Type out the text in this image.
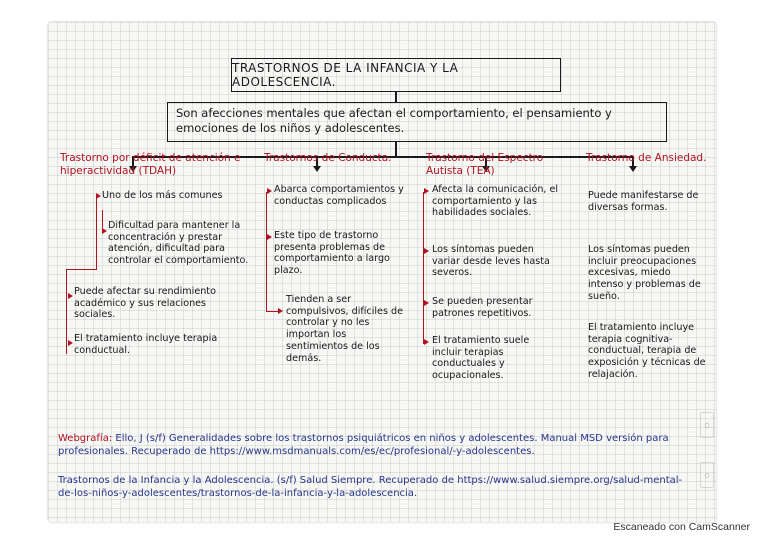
TRASTORNOS DE LA INFANCIA Y LA ADOLESCENCIA.
Son afecciones mentales que afectan el comportamiento, el pensamiento y emociones de los niños y adolescentes.
Trastorno por déficit de atención e hiperactividad (TDAH)
Uno de los más comunes
Dificultad para mantener la concentración y prestar atención, dificultad para controlar el comportamiento.
Puede afectar su rendimiento académico y sus relaciones sociales.
El tratamiento incluye terapia conductual.
Trastornos de Conducta.
Abarca comportamientos y conductas complicados
Este tipo de trastorno presenta problemas de comportamiento a largo plazo.
Tienden a ser compulsivos, difíciles de controlar y no les importan los sentimientos de los demás.
Trastorno del Espectro Autista (TEA)
Afecta la comunicación, el comportamiento y las habilidades sociales.
Los síntomas pueden variar desde leves hasta severos.
Se pueden presentar patrones repetitivos.
El tratamiento suele incluir terapias conductuales y ocupacionales.
Trastorno de Ansiedad.
Puede manifestarse de diversas formas.
Los síntomas pueden incluir preocupaciones excesivas, miedo intenso y problemas de sueño.
El tratamiento incluye terapia cognitiva-conductual, terapia de exposición y técnicas de relajación.
Webgrafía: Ello, J (s/f) Generalidades sobre los trastornos psiquiátricos en niños y adolescentes. Manual MSD versión para profesionales. Recuperado de https://www.msdmanuals.com/es/ec/profesional/-y-adolescentes.
Trastornos de la Infancia y la Adolescencia. (s/f) Salud Siempre. Recuperado de https://www.salud.siempre.org/salud-mental-de-los-niños-y-adolescentes/trastornos-de-la-infancia-y-la-adolescencia.
○
○
Escaneado con CamScanner
